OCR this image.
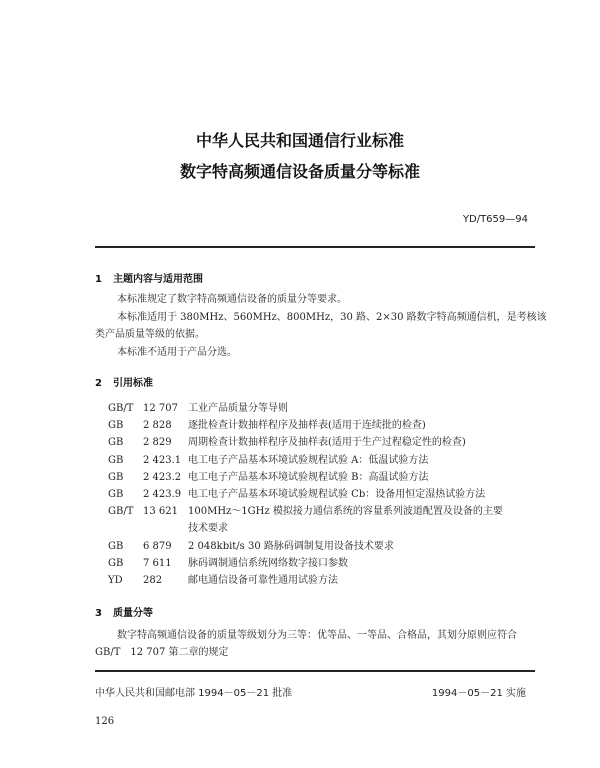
中华人民共和国通信行业标准
数字特高频通信设备质量分等标准
YD/T659—94
1 主题内容与适用范围
本标准规定了数字特高频通信设备的质量分等要求。
本标准适用于 380MHz、560MHz、800MHz，30 路、2×30 路数字特高频通信机，是考核该
类产品质量等级的依据。
本标准不适用于产品分选。
2 引用标准
GB/T 12 707 工业产品质量分等导则
GB 2 828 逐批检查计数抽样程序及抽样表(适用于连续批的检查)
GB 2 829 周期检查计数抽样程序及抽样表(适用于生产过程稳定性的检查)
GB 2 423.1 电工电子产品基本环境试验规程试验 A：低温试验方法
GB 2 423.2 电工电子产品基本环境试验规程试验 B：高温试验方法
GB 2 423.9 电工电子产品基本环境试验规程试验 Cb：设备用恒定湿热试验方法
GB/T 13 621 100MHz～1GHz 模拟接力通信系统的容量系列波道配置及设备的主要
技术要求
GB 6 879 2 048kbit/s 30 路脉码调制复用设备技术要求
GB 7 611 脉码调制通信系统网络数字接口参数
YD 282	邮电通信设备可靠性通用试验方法
3 质量分等
数字特高频通信设备的质量等级划分为三等：优等品、一等品、合格品，其划分原则应符合
GB/T　12 707 第二章的规定
中华人民共和国邮电部 1994－05－21 批准	1994－05－21 实施
126
